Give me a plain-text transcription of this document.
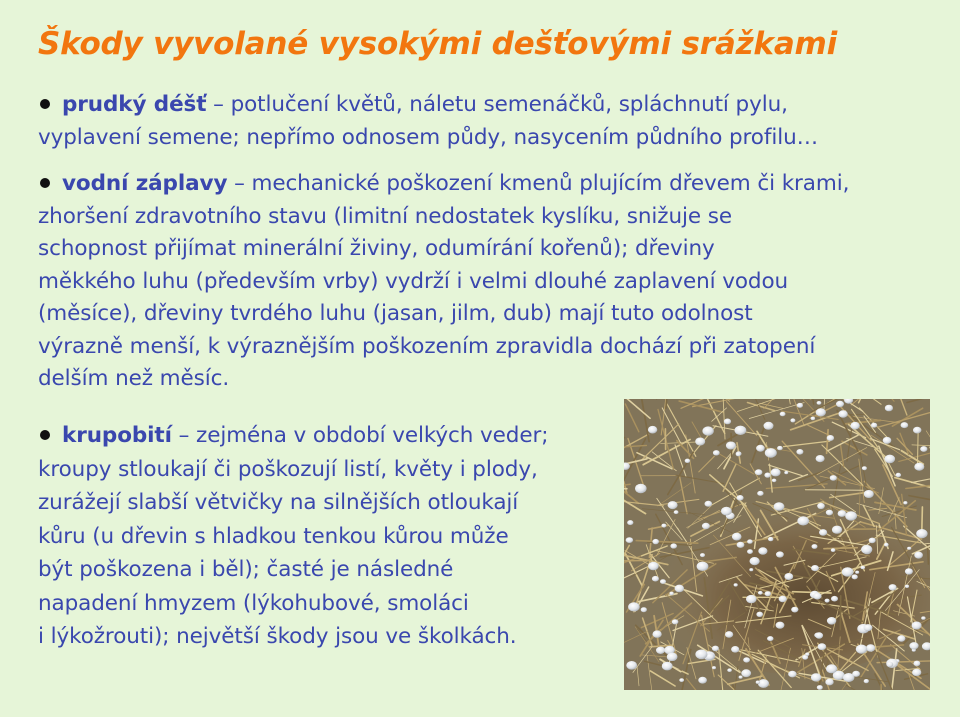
Škody vyvolané vysokými dešťovými srážkami
prudký déšť – potlučení květů, náletu semenáčků, spláchnutí pylu,
vyplavení semene; nepřímo odnosem půdy, nasycením půdního profilu…
vodní záplavy – mechanické poškození kmenů plujícím dřevem či krami,
zhoršení zdravotního stavu (limitní nedostatek kyslíku, snižuje se
schopnost přijímat minerální živiny, odumírání kořenů); dřeviny
měkkého luhu (především vrby) vydrží i velmi dlouhé zaplavení vodou
(měsíce), dřeviny tvrdého luhu (jasan, jilm, dub) mají tuto odolnost
výrazně menší, k výraznějším poškozením zpravidla dochází při zatopení
delším než měsíc.
krupobití – zejména v období velkých veder;
kroupy stloukají či poškozují listí, květy i plody,
zurážejí slabší větvičky na silnějších otloukají
kůru (u dřevin s hladkou tenkou kůrou může
být poškozena i běl); časté je následné
napadení hmyzem (lýkohubové, smoláci
i lýkožrouti); největší škody jsou ve školkách.
